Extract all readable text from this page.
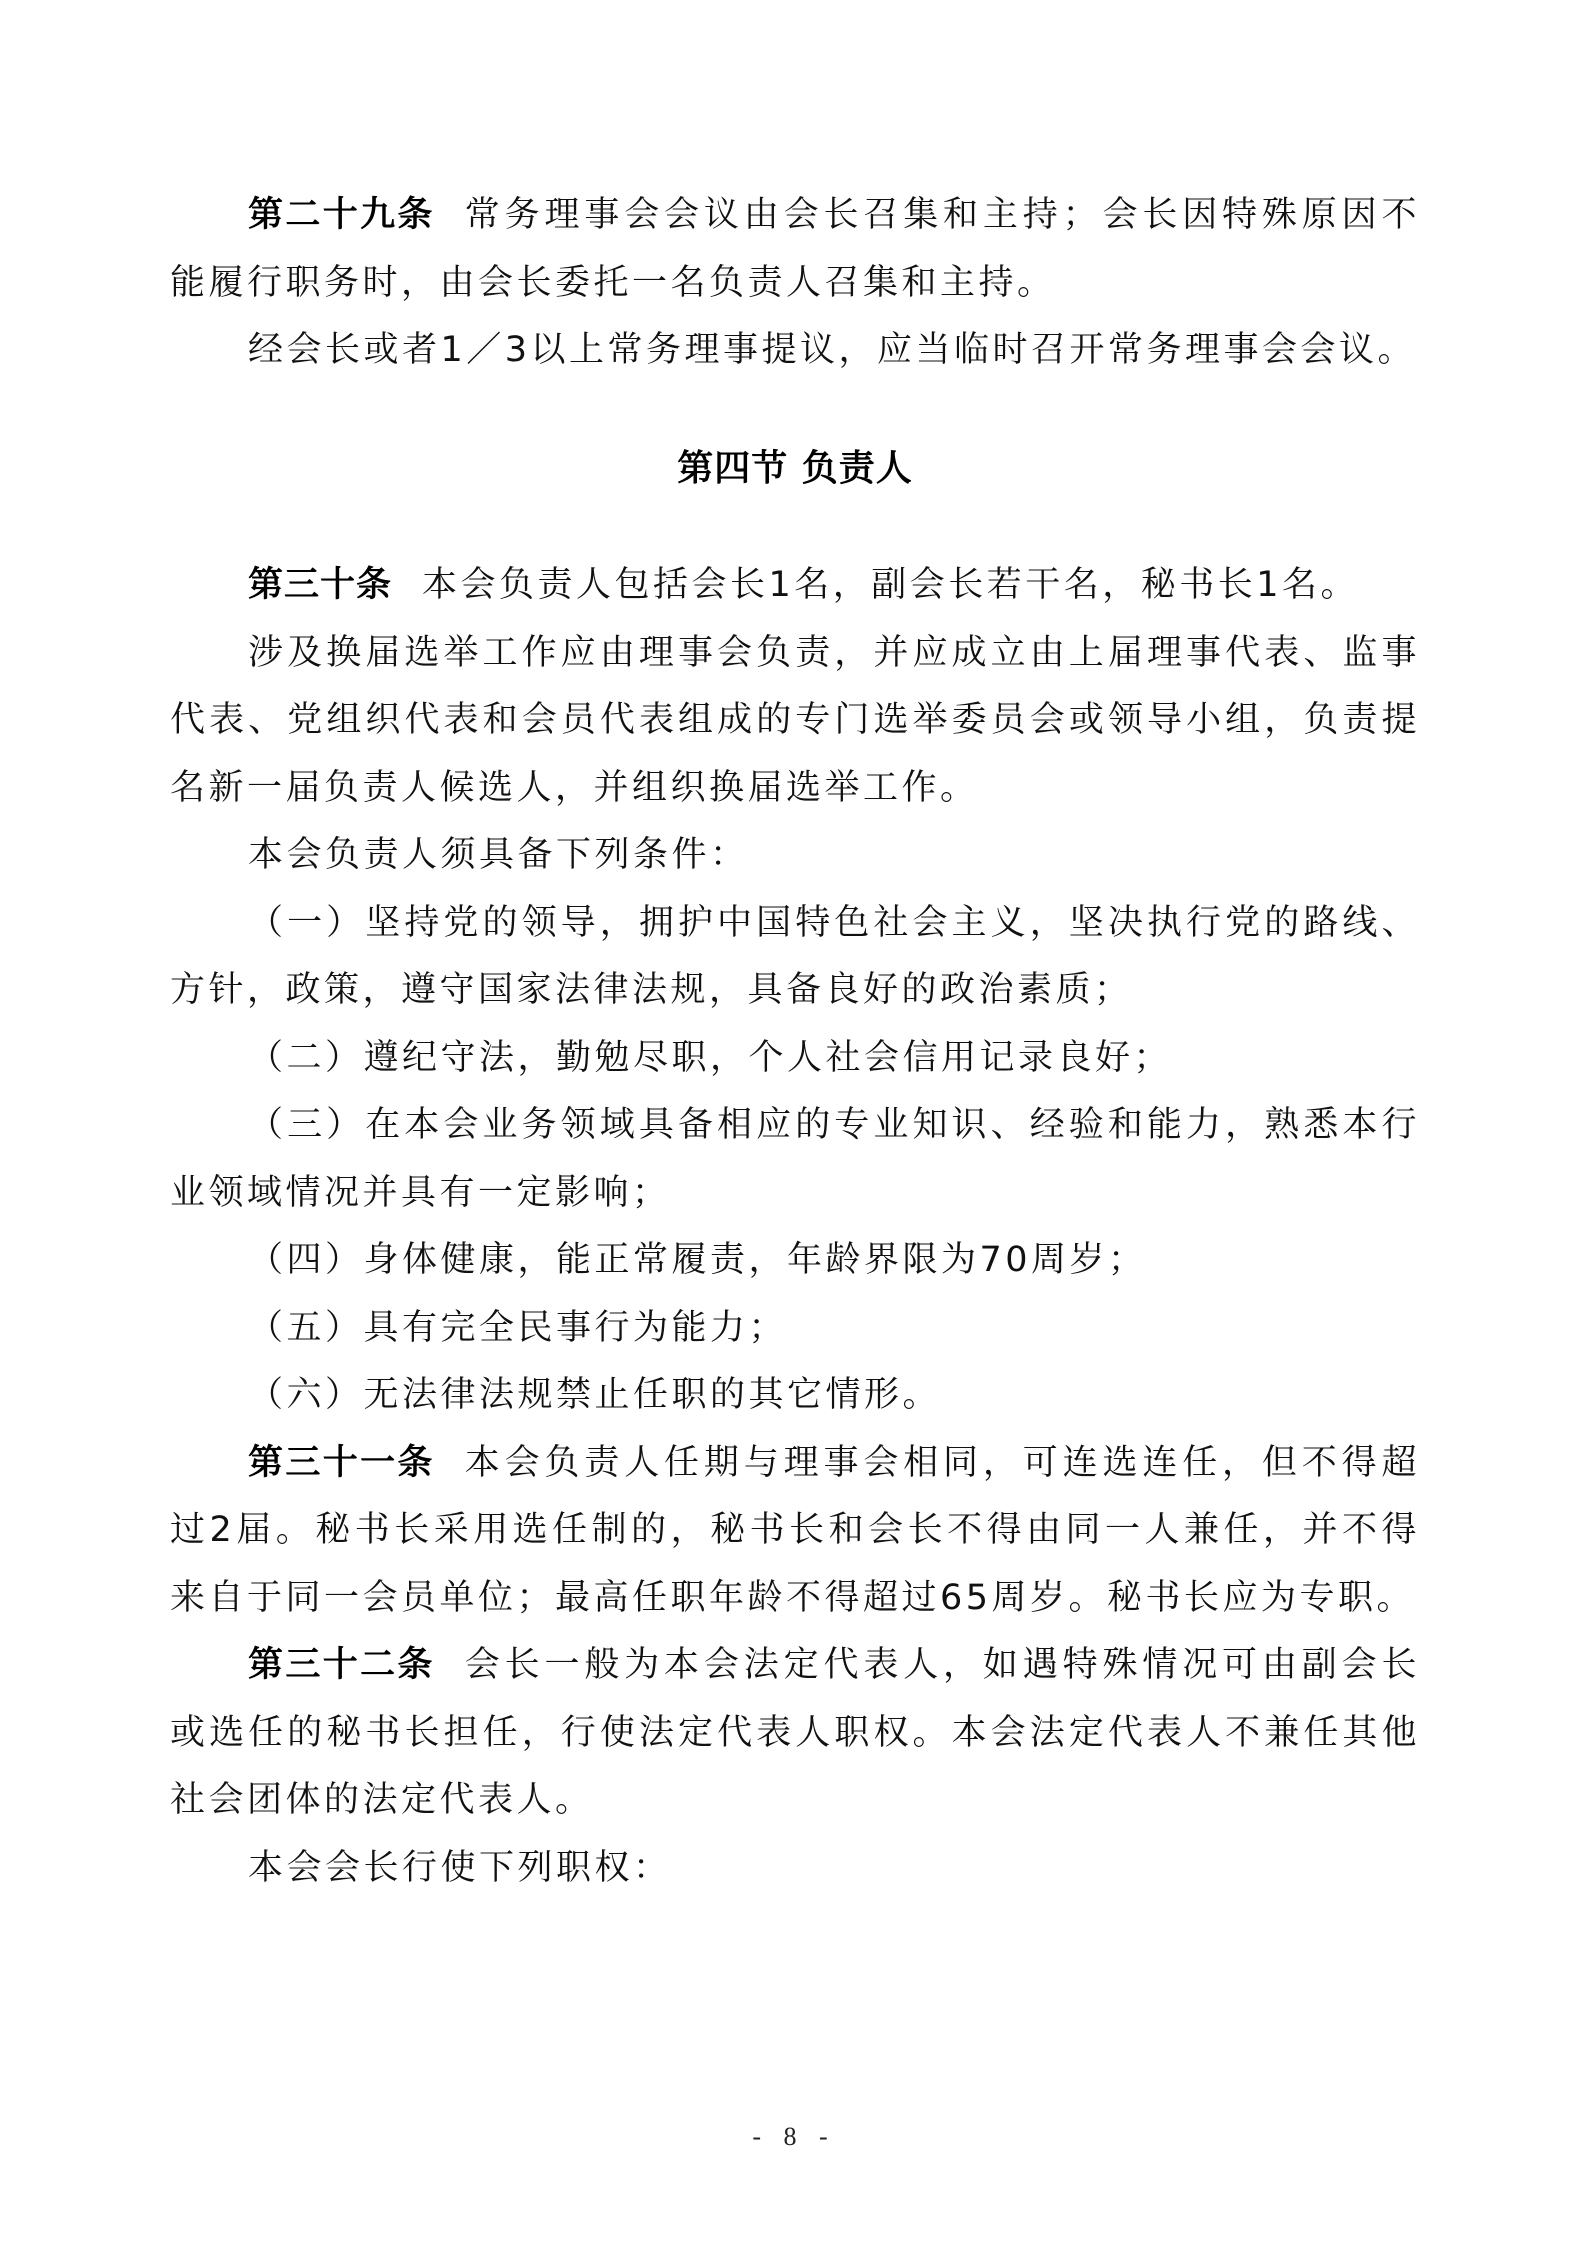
第二十九条 常务理事会会议由会长召集和主持；会长因特殊原因不能履行职务时，由会长委托一名负责人召集和主持。

经会长或者1／3以上常务理事提议，应当临时召开常务理事会会议。

第四节 负责人

第三十条 本会负责人包括会长1名，副会长若干名，秘书长1名。

涉及换届选举工作应由理事会负责，并应成立由上届理事代表、监事代表、党组织代表和会员代表组成的专门选举委员会或领导小组，负责提名新一届负责人候选人，并组织换届选举工作。

本会负责人须具备下列条件：

（一）坚持党的领导，拥护中国特色社会主义，坚决执行党的路线、方针，政策，遵守国家法律法规，具备良好的政治素质；

（二）遵纪守法，勤勉尽职，个人社会信用记录良好；

（三）在本会业务领域具备相应的专业知识、经验和能力，熟悉本行业领域情况并具有一定影响；

（四）身体健康，能正常履责，年龄界限为70周岁；

（五）具有完全民事行为能力；

（六）无法律法规禁止任职的其它情形。

第三十一条 本会负责人任期与理事会相同，可连选连任，但不得超过2届。秘书长采用选任制的，秘书长和会长不得由同一人兼任，并不得来自于同一会员单位；最高任职年龄不得超过65周岁。秘书长应为专职。

第三十二条 会长一般为本会法定代表人，如遇特殊情况可由副会长或选任的秘书长担任，行使法定代表人职权。本会法定代表人不兼任其他社会团体的法定代表人。

本会会长行使下列职权：

- 8 -
